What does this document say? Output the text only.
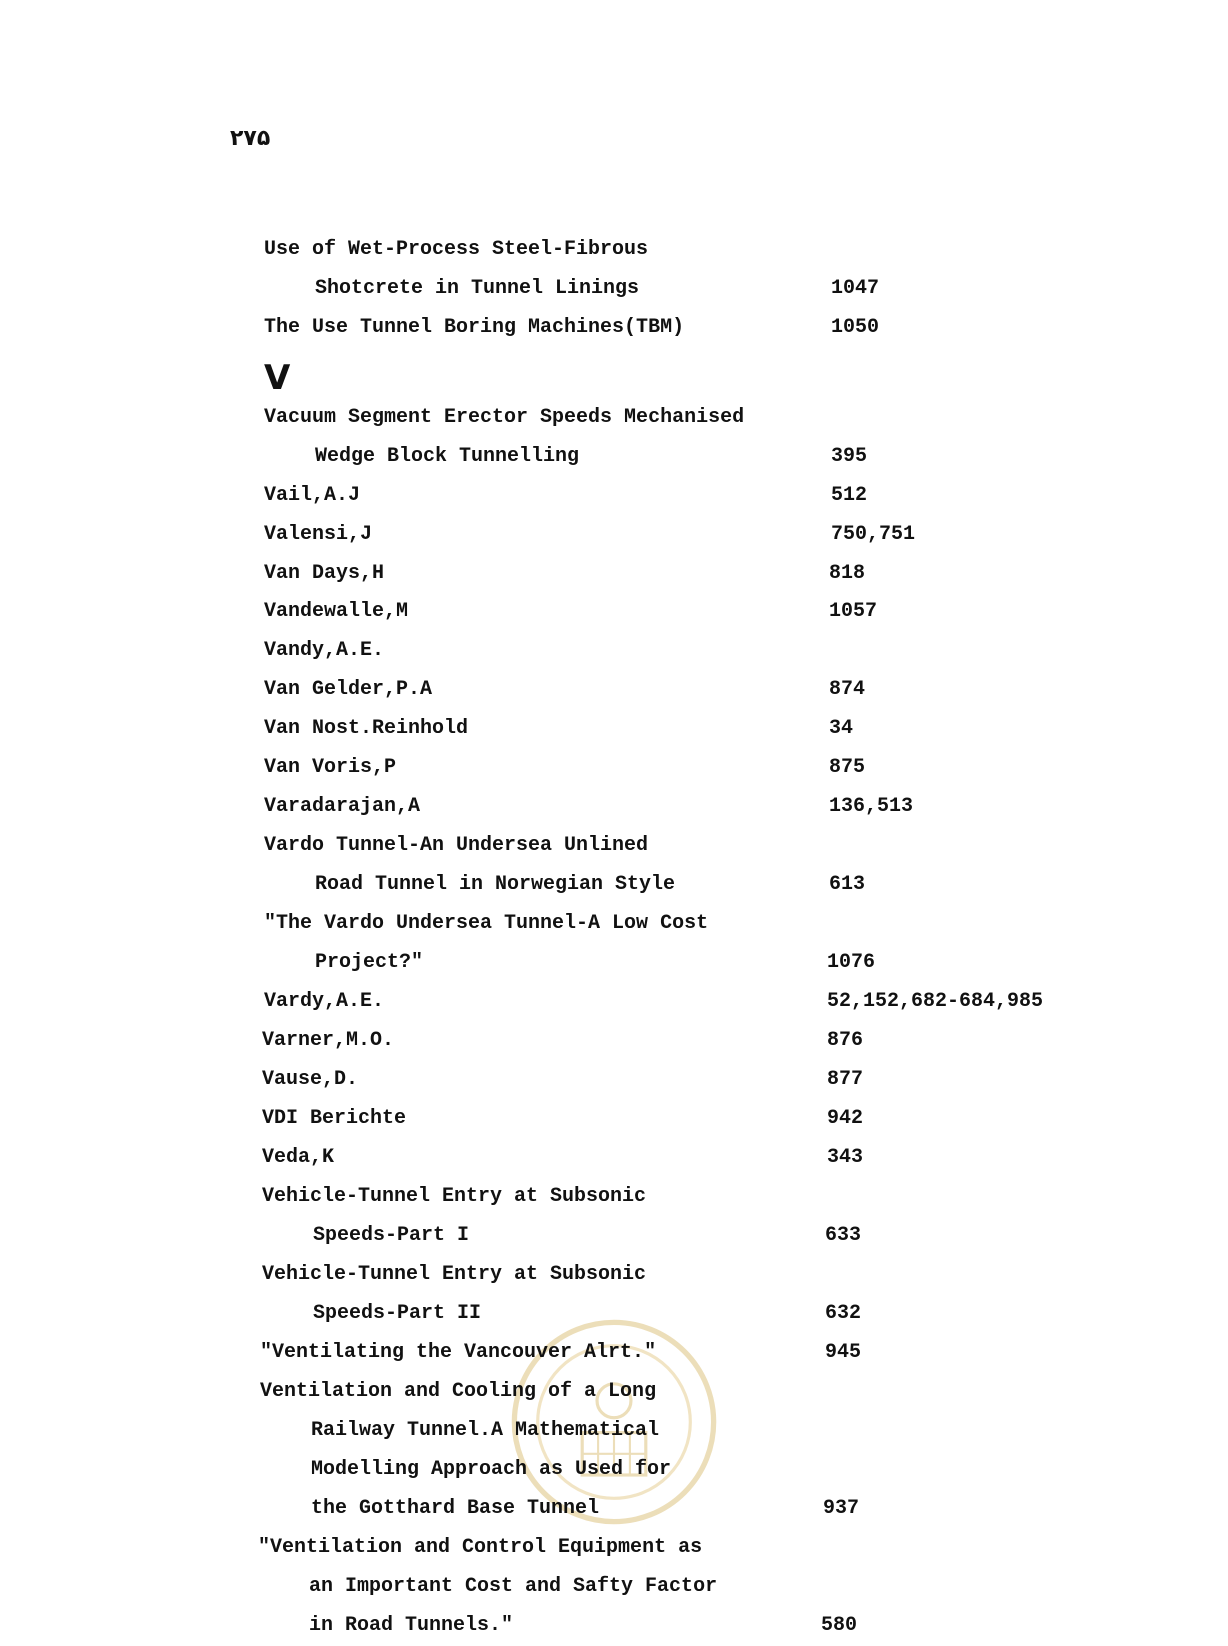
۲۷۵
V
Use of Wet-Process Steel-Fibrous
Shotcrete in Tunnel Linings	1047
The Use Tunnel Boring Machines(TBM)	1050
Vacuum Segment Erector Speeds Mechanised
Wedge Block Tunnelling	395
Vail,A.J	512
Valensi,J	750,751
Van Days,H	818
Vandewalle,M	1057
Vandy,A.E.
Van Gelder,P.A	874
Van Nost.Reinhold	34
Van Voris,P	875
Varadarajan,A	136,513
Vardo Tunnel-An Undersea Unlined
Road Tunnel in Norwegian Style	613
"The Vardo Undersea Tunnel-A Low Cost
Project?"	1076
Vardy,A.E.	52,152,682-684,985
Varner,M.O.	876
Vause,D.	877
VDI Berichte	942
Veda,K	343
Vehicle-Tunnel Entry at Subsonic
Speeds-Part I	633
Vehicle-Tunnel Entry at Subsonic
Speeds-Part II	632
"Ventilating the Vancouver Alrt."	945
Ventilation and Cooling of a Long
Railway Tunnel.A Mathematical
Modelling Approach as Used for
the Gotthard Base Tunnel	937
"Ventilation and Control Equipment as
an Important Cost and Safty Factor
in Road Tunnels."	580
